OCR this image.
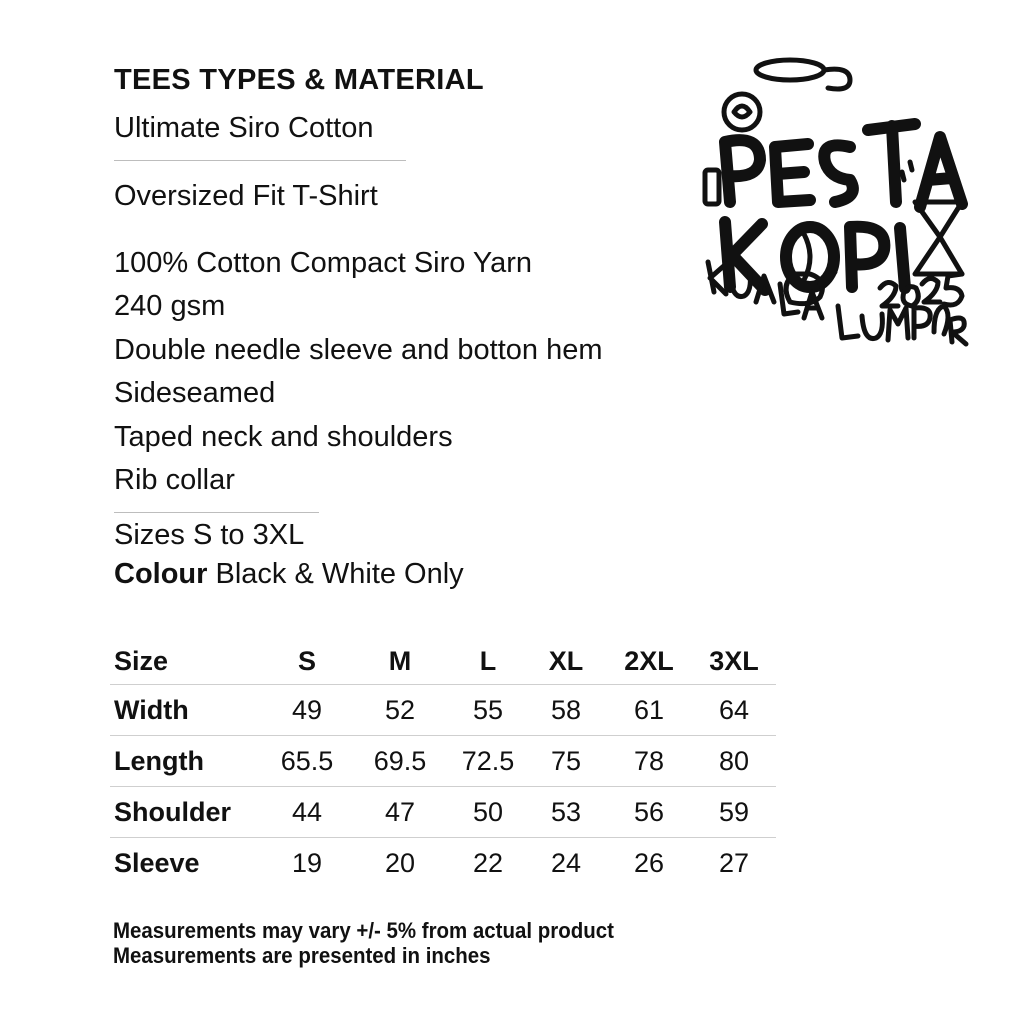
TEES TYPES & MATERIAL
Ultimate Siro Cotton
Oversized Fit T-Shirt
100% Cotton Compact Siro Yarn
240 gsm
Double needle sleeve and botton hem
Sideseamed
Taped neck and shoulders
Rib collar
Sizes S to 3XL
Colour Black & White Only
Size	S	M	L	XL	2XL	3XL
Width	49	52	55	58	61	64
Length	65.5	69.5	72.5	75	78	80
Shoulder	44	47	50	53	56	59
Sleeve	19	20	22	24	26	27
Measurements may vary +/- 5% from actual product
Measurements are presented in inches
